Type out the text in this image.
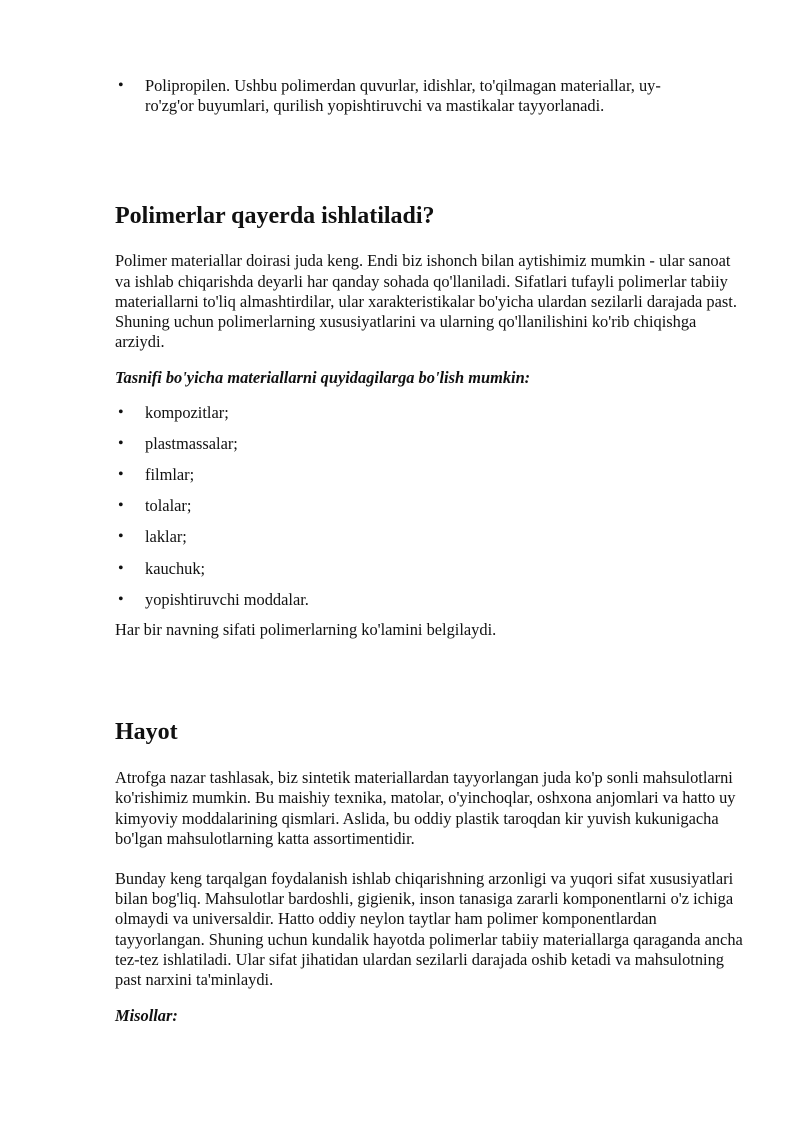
• Polipropilen. Ushbu polimerdan quvurlar, idishlar, to'qilmagan materiallar, uy-ro'zg'or buyumlari, qurilish yopishtiruvchi va mastikalar tayyorlanadi.
Polimerlar qayerda ishlatiladi?

Polimer materiallar doirasi juda keng. Endi biz ishonch bilan aytishimiz mumkin - ular sanoat va ishlab chiqarishda deyarli har qanday sohada qo'llaniladi. Sifatlari tufayli polimerlar tabiiy materiallarni to'liq almashtirdilar, ular xarakteristikalar bo'yicha ulardan sezilarli darajada past. Shuning uchun polimerlarning xususiyatlarini va ularning qo'llanilishini ko'rib chiqishga arziydi.

Tasnifi bo'yicha materiallarni quyidagilarga bo'lish mumkin:

• kompozitlar;
• plastmassalar;
• filmlar;
• tolalar;
• laklar;
• kauchuk;
• yopishtiruvchi moddalar.

Har bir navning sifati polimerlarning ko'lamini belgilaydi.

Hayot

Atrofga nazar tashlasak, biz sintetik materiallardan tayyorlangan juda ko'p sonli mahsulotlarni ko'rishimiz mumkin. Bu maishiy texnika, matolar, o'yinchoqlar, oshxona anjomlari va hatto uy kimyoviy moddalarining qismlari. Aslida, bu oddiy plastik taroqdan kir yuvish kukunigacha bo'lgan mahsulotlarning katta assortimentidir.

Bunday keng tarqalgan foydalanish ishlab chiqarishning arzonligi va yuqori sifat xususiyatlari bilan bog'liq. Mahsulotlar bardoshli, gigienik, inson tanasiga zararli komponentlarni o'z ichiga olmaydi va universaldir. Hatto oddiy neylon taytlar ham polimer komponentlardan tayyorlangan. Shuning uchun kundalik hayotda polimerlar tabiiy materiallarga qaraganda ancha tez-tez ishlatiladi. Ular sifat jihatidan ulardan sezilarli darajada oshib ketadi va mahsulotning past narxini ta'minlaydi.

Misollar:
